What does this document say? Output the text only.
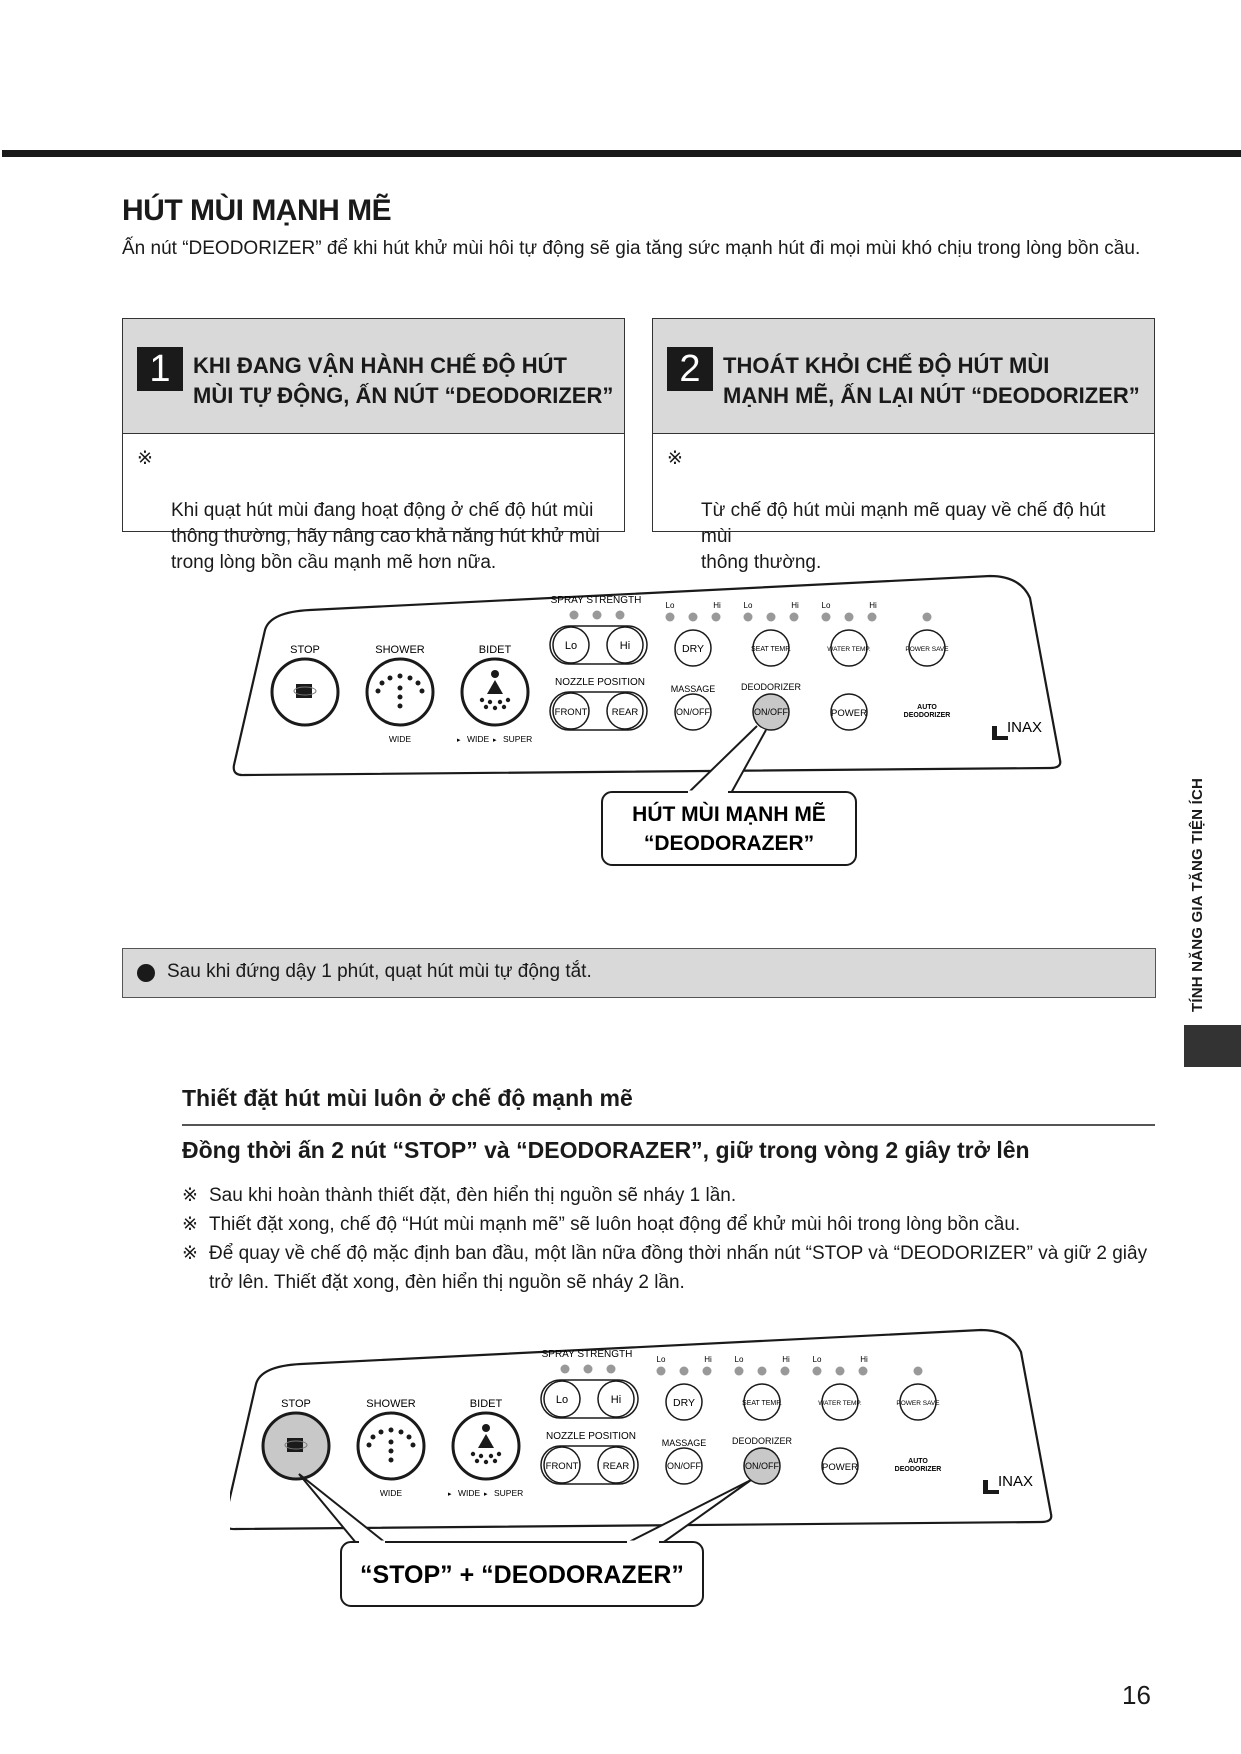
HÚT MÙI MẠNH MẼ
Ấn nút “DEODORIZER” để khi hút khử mùi hôi tự động sẽ gia tăng sức mạnh hút đi mọi mùi khó chịu trong lòng bồn cầu.
1	KHI ĐANG VẬN HÀNH CHẾ ĐỘ HÚT
MÙI TỰ ĐỘNG, ẤN NÚT “DEODORIZER”

※

Khi quạt hút mùi đang hoạt động ở chế độ hút mùi
thông thường, hãy nâng cao khả năng hút khử mùi
trong lòng bồn cầu mạnh mẽ hơn nữa.

2	THOÁT KHỎI CHẾ ĐỘ HÚT MÙI
MẠNH MẼ, ẤN LẠI NÚT “DEODORIZER”

※

Từ chế độ hút mùi mạnh mẽ quay về chế độ hút mùi
thông thường.

SPRAY STRENGTH	Lo	Hi	Lo	Hi	Lo	Hi
Lo	Hi
NOZZLE POSITION
FRONT	REAR
DRY	SEAT TEMP.	WATER TEMP.	POWER SAVE
MASSAGE	DEODORIZER
ON/OFF	ON/OFF	POWER
AUTO
DEODORIZER
INAX
STOP	SHOWER	BIDET
WIDE	▸ WIDE ▸ SUPER
HÚT MÙI MẠNH MẼ
“DEODORAZER”
Sau khi đứng dậy 1 phút, quạt hút mùi tự động tắt.	TÍNH NĂNG GIA TĂNG TIỆN ÍCH
Thiết đặt hút mùi luôn ở chế độ mạnh mẽ
Đồng thời ấn 2 nút “STOP” và “DEODORAZER”, giữ trong vòng 2 giây trở lên
※ Sau khi hoàn thành thiết đặt, đèn hiển thị nguồn sẽ nháy 1 lần.
※ Thiết đặt xong, chế độ “Hút mùi mạnh mẽ” sẽ luôn hoạt động để khử mùi hôi trong lòng bồn cầu.
※ Để quay về chế độ mặc định ban đầu, một lần nữa đồng thời nhấn nút “STOP và “DEODORIZER” và giữ 2 giây trở lên. Thiết đặt xong, đèn hiển thị nguồn sẽ nháy 2 lần.
SPRAY STRENGTH	Lo	Hi	Lo	Hi	Lo	Hi
Lo	Hi
NOZZLE POSITION
FRONT	REAR
DRY	SEAT TEMP.	WATER TEMP.	POWER SAVE
MASSAGE	DEODORIZER
ON/OFF	ON/OFF	POWER
AUTO
DEODORIZER
INAX
STOP	SHOWER	BIDET
WIDE	▸ WIDE ▸ SUPER
“STOP” + “DEODORAZER”
16
